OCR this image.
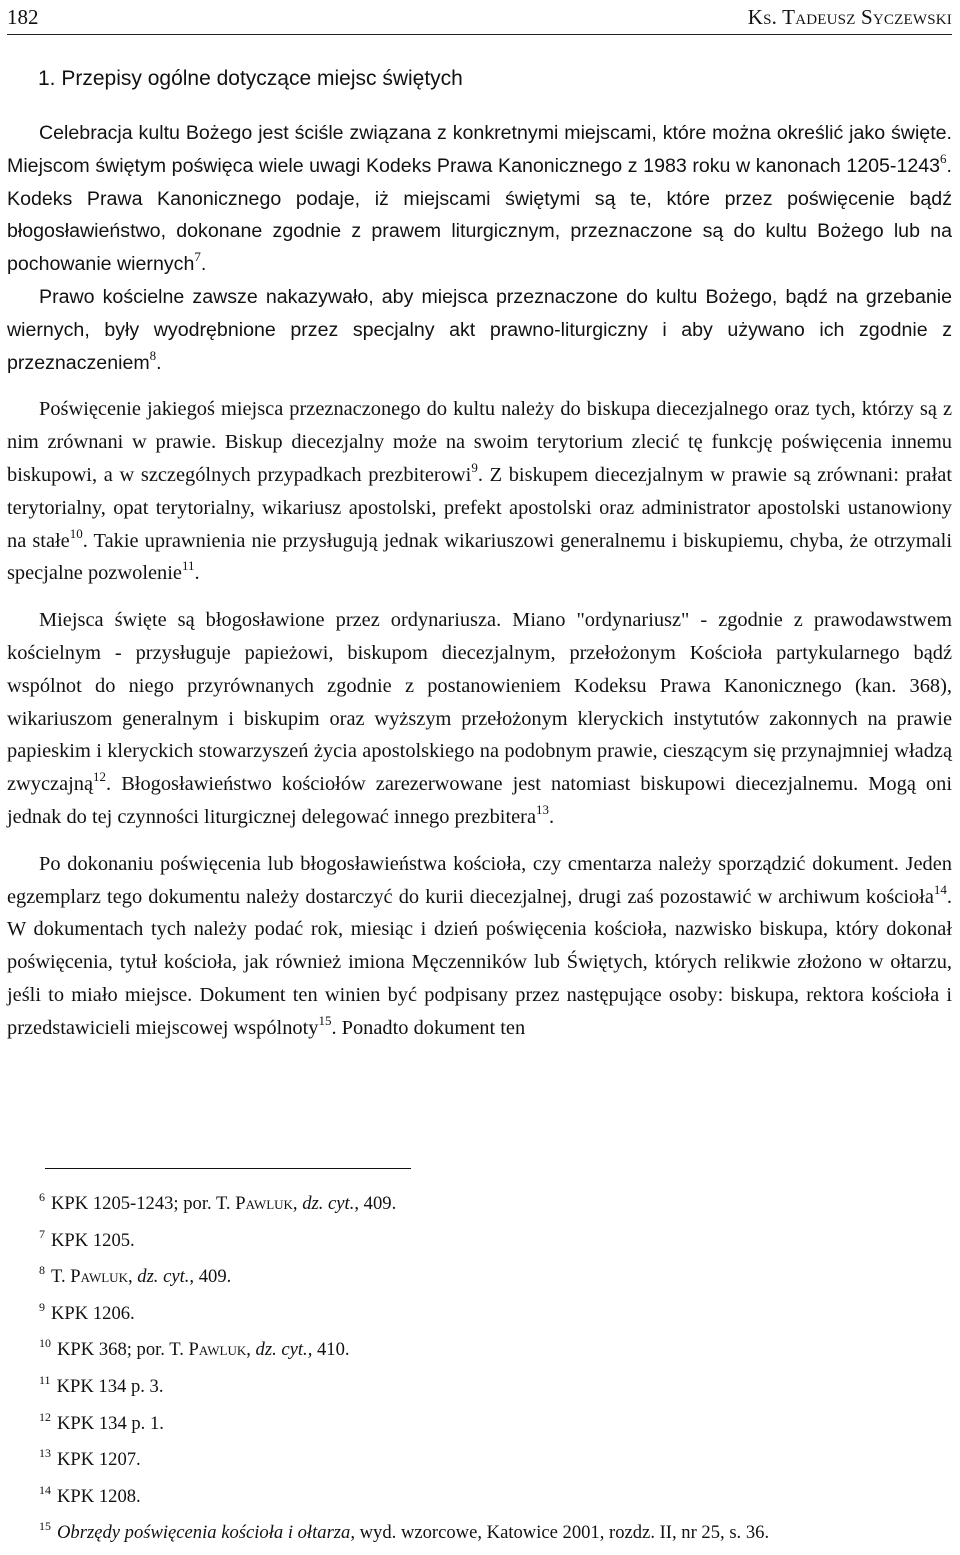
182	Ks. Tadeusz Syczewski
1. Przepisy ogólne dotyczące miejsc świętych

Celebracja kultu Bożego jest ściśle związana z konkretnymi miejscami, które można określić jako święte. Miejscom świętym poświęca wiele uwagi Kodeks Prawa Kanonicznego z 1983 roku w kanonach 1205-1243$^6$. Kodeks Prawa Kanonicznego podaje, iż miejscami świętymi są te, które przez poświęcenie bądź błogosławieństwo, dokonane zgodnie z prawem liturgicznym, przeznaczone są do kultu Bożego lub na pochowanie wiernych$^7$.

Prawo kościelne zawsze nakazywało, aby miejsca przeznaczone do kultu Bożego, bądź na grzebanie wiernych, były wyodrębnione przez specjalny akt prawno-liturgiczny i aby używano ich zgodnie z przeznaczeniem$^8$.

Poświęcenie jakiegoś miejsca przeznaczonego do kultu należy do biskupa diecezjalnego oraz tych, którzy są z nim zrównani w prawie. Biskup diecezjalny może na swoim terytorium zlecić tę funkcję poświęcenia innemu biskupowi, a w szczególnych przypadkach prezbiterowi$^9$. Z biskupem diecezjalnym w prawie są zrównani: prałat terytorialny, opat terytorialny, wikariusz apostolski, prefekt apostolski oraz administrator apostolski ustanowiony na stałe$^{10}$. Takie uprawnienia nie przysługują jednak wikariuszowi generalnemu i biskupiemu, chyba, że otrzymali specjalne pozwolenie$^{11}$.

Miejsca święte są błogosławione przez ordynariusza. Miano "ordynariusz" - zgodnie z prawodawstwem kościelnym - przysługuje papieżowi, biskupom diecezjalnym, przełożonym Kościoła partykularnego bądź wspólnot do niego przyrównanych zgodnie z postanowieniem Kodeksu Prawa Kanonicznego (kan. 368), wikariuszom generalnym i biskupim oraz wyższym przełożonym kleryckich instytutów zakonnych na prawie papieskim i kleryckich stowarzyszeń życia apostolskiego na podobnym prawie, cieszącym się przynajmniej władzą zwyczajną$^{12}$. Błogosławieństwo kościołów zarezerwowane jest natomiast biskupowi diecezjalnemu. Mogą oni jednak do tej czynności liturgicznej delegować innego prezbitera$^{13}$.

Po dokonaniu poświęcenia lub błogosławieństwa kościoła, czy cmentarza należy sporządzić dokument. Jeden egzemplarz tego dokumentu należy dostarczyć do kurii diecezjalnej, drugi zaś pozostawić w archiwum kościoła$^{14}$. W dokumentach tych należy podać rok, miesiąc i dzień poświęcenia kościoła, nazwisko biskupa, który dokonał poświęcenia, tytuł kościoła, jak również imiona Męczenników lub Świętych, których relikwie złożono w ołtarzu, jeśli to miało miejsce. Dokument ten winien być podpisany przez następujące osoby: biskupa, rektora kościoła i przedstawicieli miejscowej wspólnoty$^{15}$. Ponadto dokument ten

$^6$ KPK 1205-1243; por. T. Pawluk, dz. cyt., 409.
$^7$ KPK 1205.
$^8$ T. Pawluk, dz. cyt., 409.
$^9$ KPK 1206.
$^{10}$ KPK 368; por. T. Pawluk, dz. cyt., 410.
$^{11}$ KPK 134 p. 3.
$^{12}$ KPK 134 p. 1.
$^{13}$ KPK 1207.
$^{14}$ KPK 1208.
$^{15}$ Obrzędy poświęcenia kościoła i ołtarza, wyd. wzorcowe, Katowice 2001, rozdz. II, nr 25, s. 36.
